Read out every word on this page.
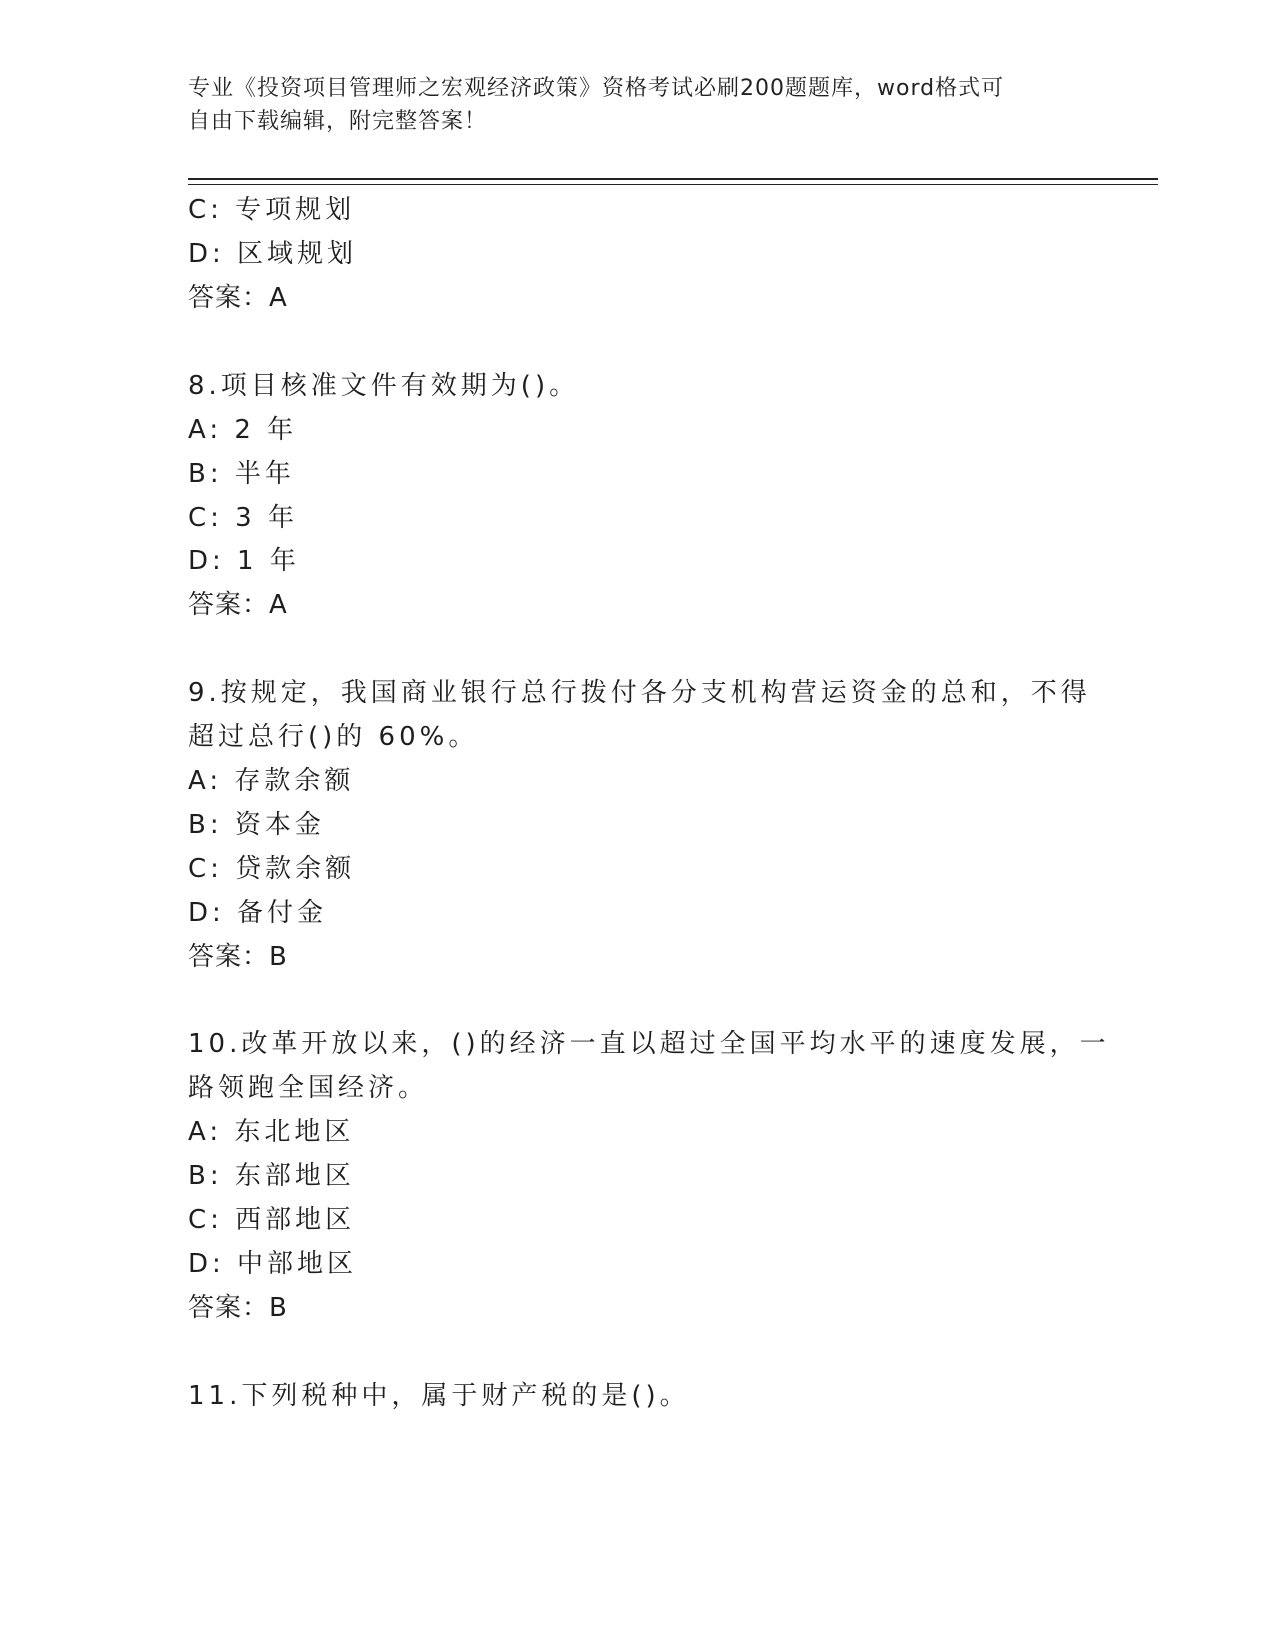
专业《投资项目管理师之宏观经济政策》资格考试必刷200题题库，word格式可
自由下载编辑，附完整答案！
C: 专项规划
D: 区域规划
答案：A
8.项目核准文件有效期为()。
A: 2 年
B: 半年
C: 3 年
D: 1 年
答案：A
9.按规定，我国商业银行总行拨付各分支机构营运资金的总和，不得
超过总行()的 60%。
A: 存款余额
B: 资本金
C: 贷款余额
D: 备付金
答案：B
10.改革开放以来，()的经济一直以超过全国平均水平的速度发展，一
路领跑全国经济。
A: 东北地区
B: 东部地区
C: 西部地区
D: 中部地区
答案：B
11.下列税种中，属于财产税的是()。
